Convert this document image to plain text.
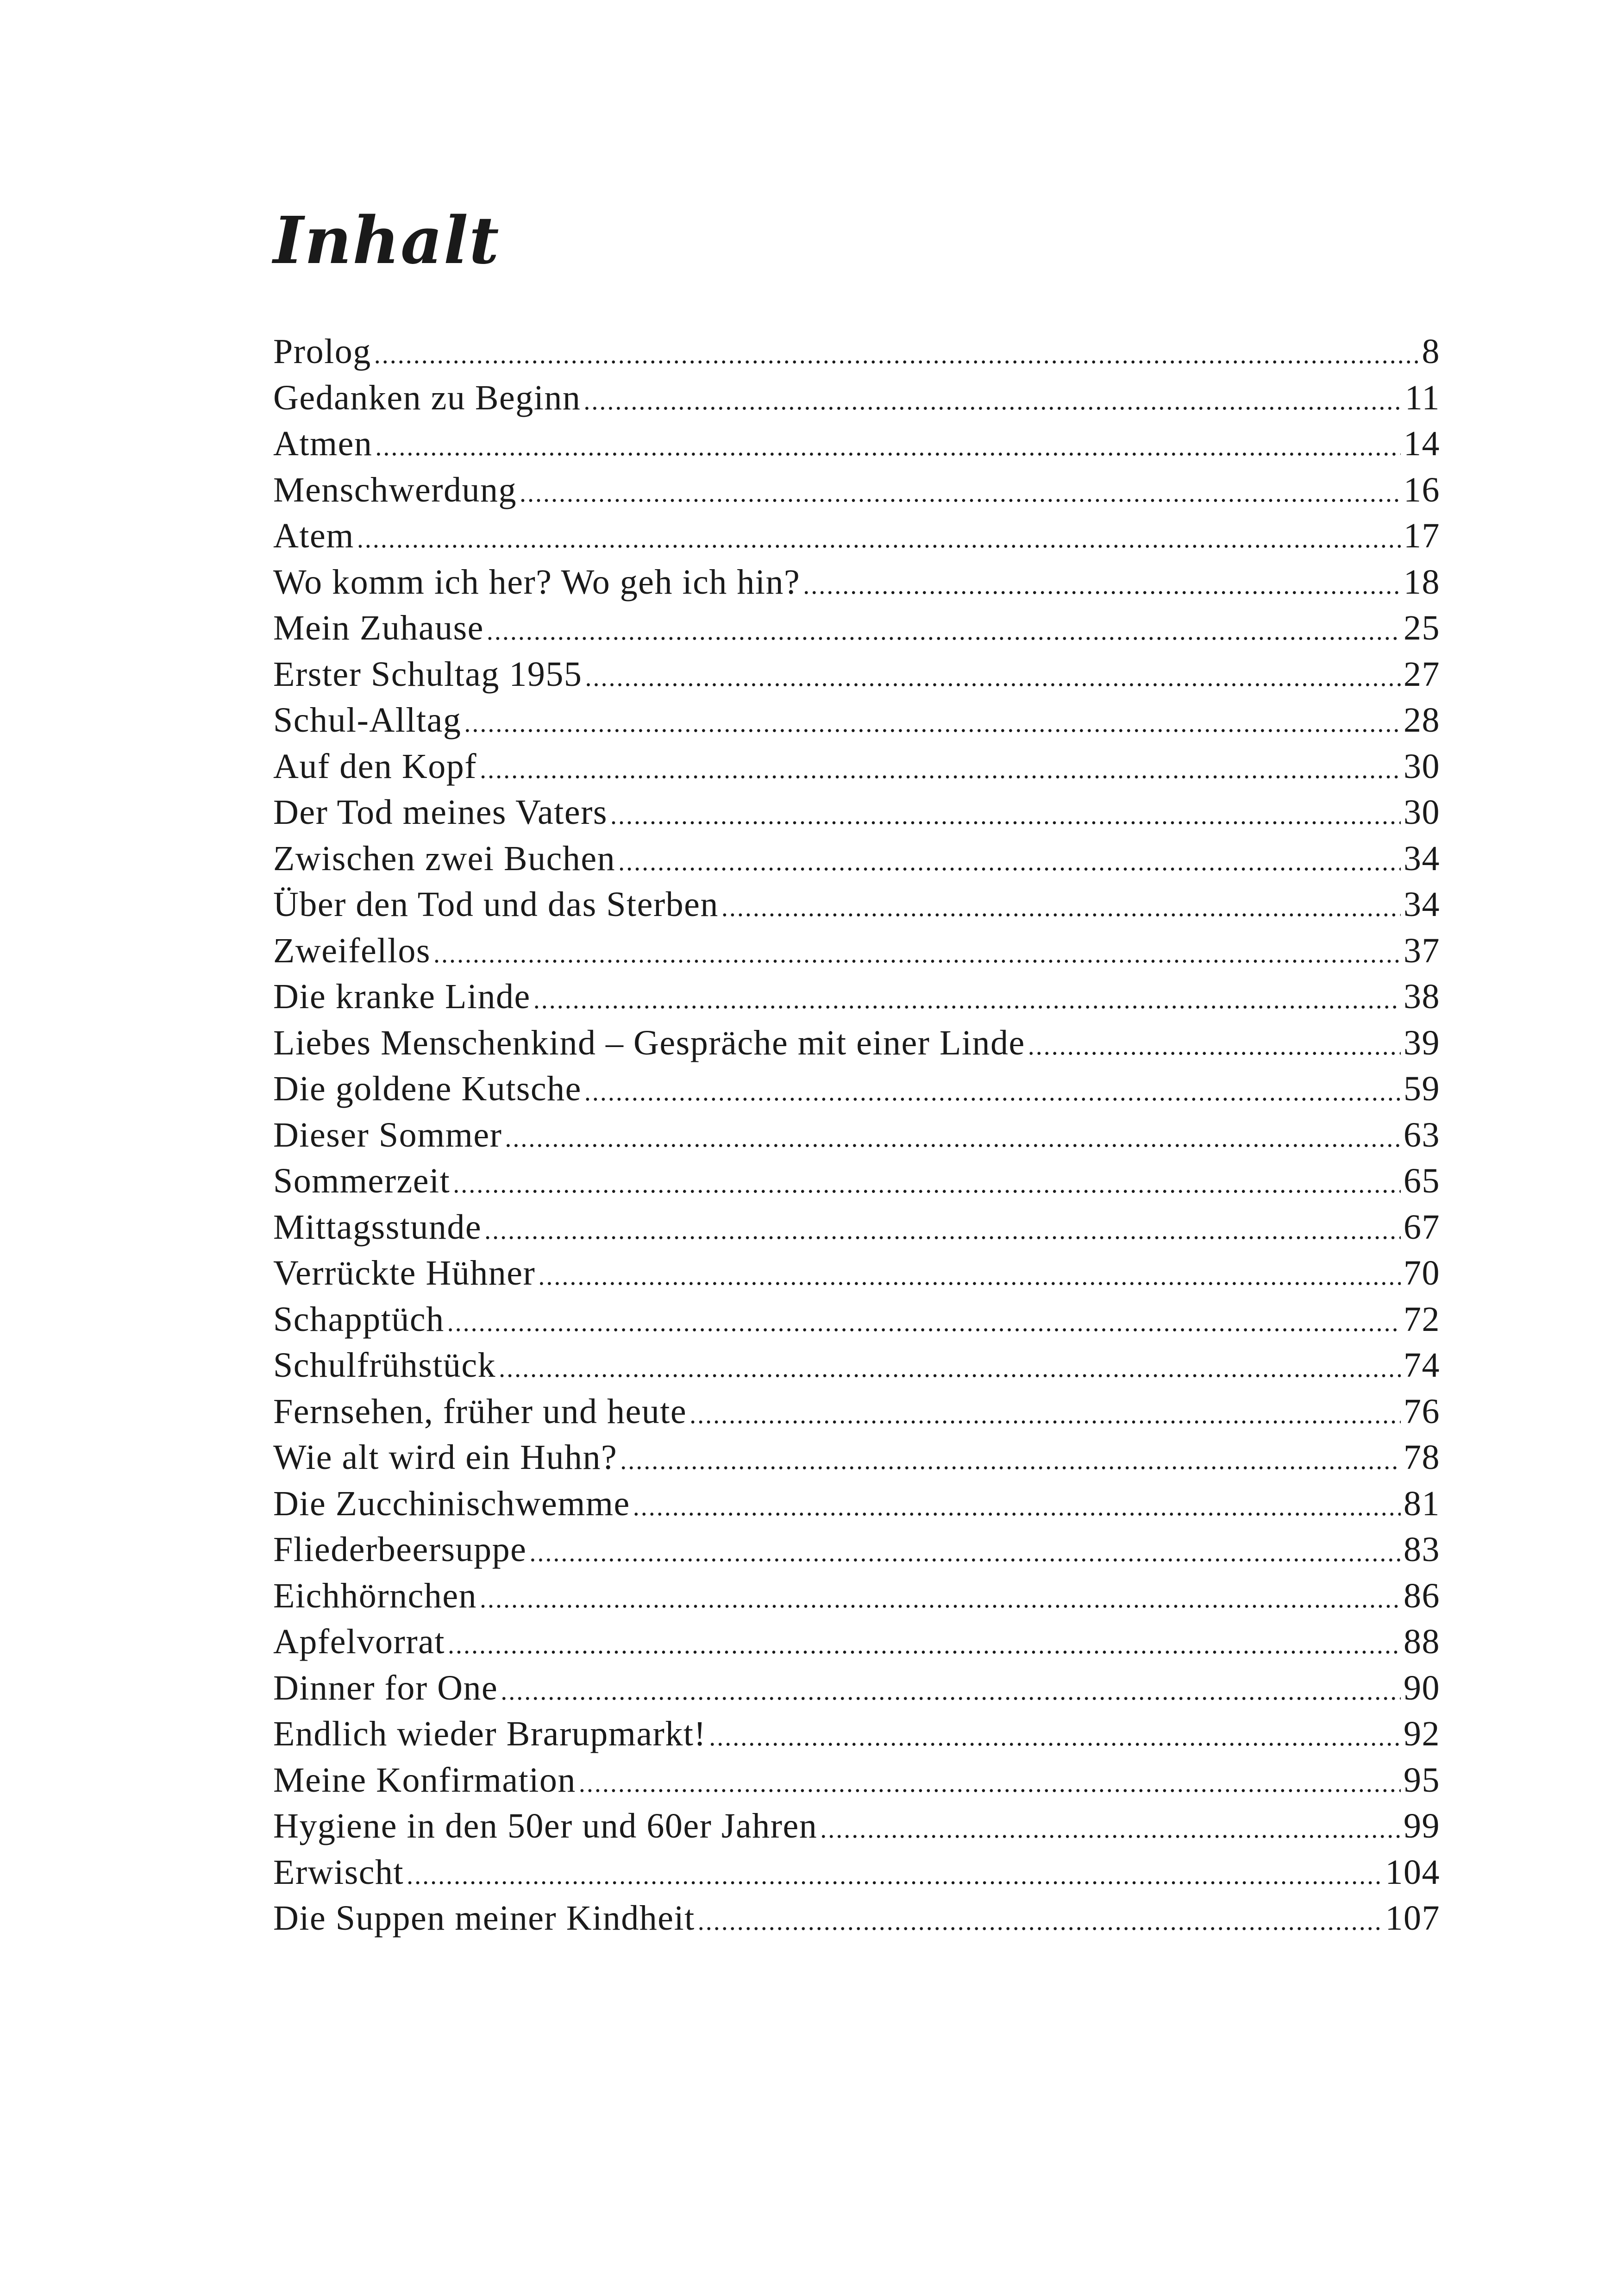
Inhalt
Prolog .....	8
Gedanken zu Beginn .....	11
Atmen .....	14
Menschwerdung .....	16
Atem .....	17
Wo komm ich her? Wo geh ich hin? .....	18
Mein Zuhause .....	25
Erster Schultag 1955 .....	27
Schul-Alltag .....	28
Auf den Kopf .....	30
Der Tod meines Vaters .....	30
Zwischen zwei Buchen .....	34
Über den Tod und das Sterben .....	34
Zweifellos .....	37
Die kranke Linde .....	38
Liebes Menschenkind – Gespräche mit einer Linde .....	39
Die goldene Kutsche .....	59
Dieser Sommer .....	63
Sommerzeit .....	65
Mittagsstunde .....	67
Verrückte Hühner .....	70
Schapptüch .....	72
Schulfrühstück .....	74
Fernsehen, früher und heute .....	76
Wie alt wird ein Huhn? .....	78
Die Zucchinischwemme .....	81
Fliederbeersuppe .....	83
Eichhörnchen .....	86
Apfelvorrat .....	88
Dinner for One .....	90
Endlich wieder Brarupmarkt! .....	92
Meine Konfirmation .....	95
Hygiene in den 50er und 60er Jahren .....	99
Erwischt .....	104
Die Suppen meiner Kindheit .....	107
